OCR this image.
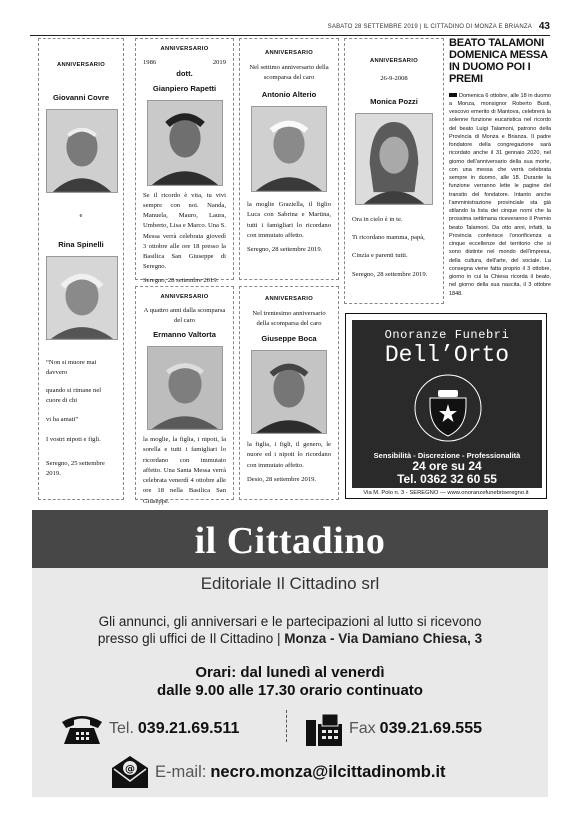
SABATO 28 SETTEMBRE 2019 | IL CITTADINO DI MONZA E BRIANZA 43
ANNIVERSARIO
Giovanni Covre
e
Rina Spinelli
“Non si muore mai davvero
quando si rimane nel cuore di chi
vi ha amati”
I vostri nipoti e figli.
Seregno, 25 settembre 2019.
ANNIVERSARIO
1986	2019
dott.
Gianpiero Rapetti

Se il ricordo è vita, tu vivi sempre con noi. Nanda, Manuela, Mauro, Laura, Umberto, Lisa e Marco. Una S. Messa verrà celebrata giovedì 3 ottobre alle ore 18 presso la Basilica San Giuseppe di Seregno.

Seregno, 28 settembre 2019.
ANNIVERSARIO
A quattro anni dalla scomparsa del caro
Ermanno Valtorta

la moglie, la figlia, i nipoti, la sorella e tutti i famigliari lo ricordano con immutato affetto. Una Santa Messa verrà celebrata venerdì 4 ottobre alle ore 18 nella Basilica San Giuseppe.

ANNIVERSARIO
Nel settimo anniversario della scomparsa del caro
Antonio Alterio

la moglie Graziella, il figlio Luca con Sabrina e Martina, tutti i famigliari lo ricordano con immutato affetto.

Seregno, 28 settembre 2019.
ANNIVERSARIO
Nel trentesimo anniversario della scomparsa del caro
Giuseppe Boca

la figlia, i figli, il genero, le nuore ed i nipoti lo ricordano con immutato affetto.

Desio, 28 settembre 2019.
ANNIVERSARIO
26-9-2008
Monica Pozzi
Ora in cielo è in te.
Ti ricordano mamma, papà,
Cinzia e parenti tutti.
Seregno, 28 settembre 2019.
BEATO TALAMONI DOMENICA MESSA IN DUOMO POI I PREMI
Domenica 6 ottobre, alle 18 in duomo a Monza, monsignor Roberto Busti, vescovo emerito di Mantova, celebrerà la solenne funzione eucaristica nel ricordo del beato Luigi Talamoni, patrono della Provincia di Monza e Brianza. Il padre fondatore della congregazione sarà ricordato anche il 31 gennaio 2020, nel giorno dell’anniversario della sua morte, con una messa che verrà celebrata sempre in duomo, alle 18. Durante la funzione verranno lette le pagine del transito del fondatore. Intanto anche l’amministrazione provinciale sta già stilando la lista dei cinque nomi che la prossima settimana riceveranno il Premio beato Talamoni. Da otto anni, infatti, la Provincia conferisce l’onorificenza a cinque eccellenze del territorio che si sono distinte nel mondo dell’impresa, della cultura, dell’arte, del sociale. La consegna viene fatta proprio il 3 ottobre, giorno in cui la Chiesa ricorda il beato, nel giorno della sua nascita, il 3 ottobre 1848.
Onoranze Funebri
Dell’Orto
Sensibilità - Discrezione - Professionalità
24 ore su 24
Tel. 0362 32 60 55
Via M. Polo n. 3 - SEREGNO — www.onoranzefunebriseregno.it
il Cittadino
Editoriale Il Cittadino srl
Gli annunci, gli anniversari e le partecipazioni al lutto si ricevono
presso gli uffici de Il Cittadino | Monza - Via Damiano Chiesa, 3
Orari: dal lunedì al venerdì
dalle 9.00 alle 17.30 orario continuato
Tel. 039.21.69.511	Fax 039.21.69.555
@ E-mail: necro.monza@ilcittadinomb.it
